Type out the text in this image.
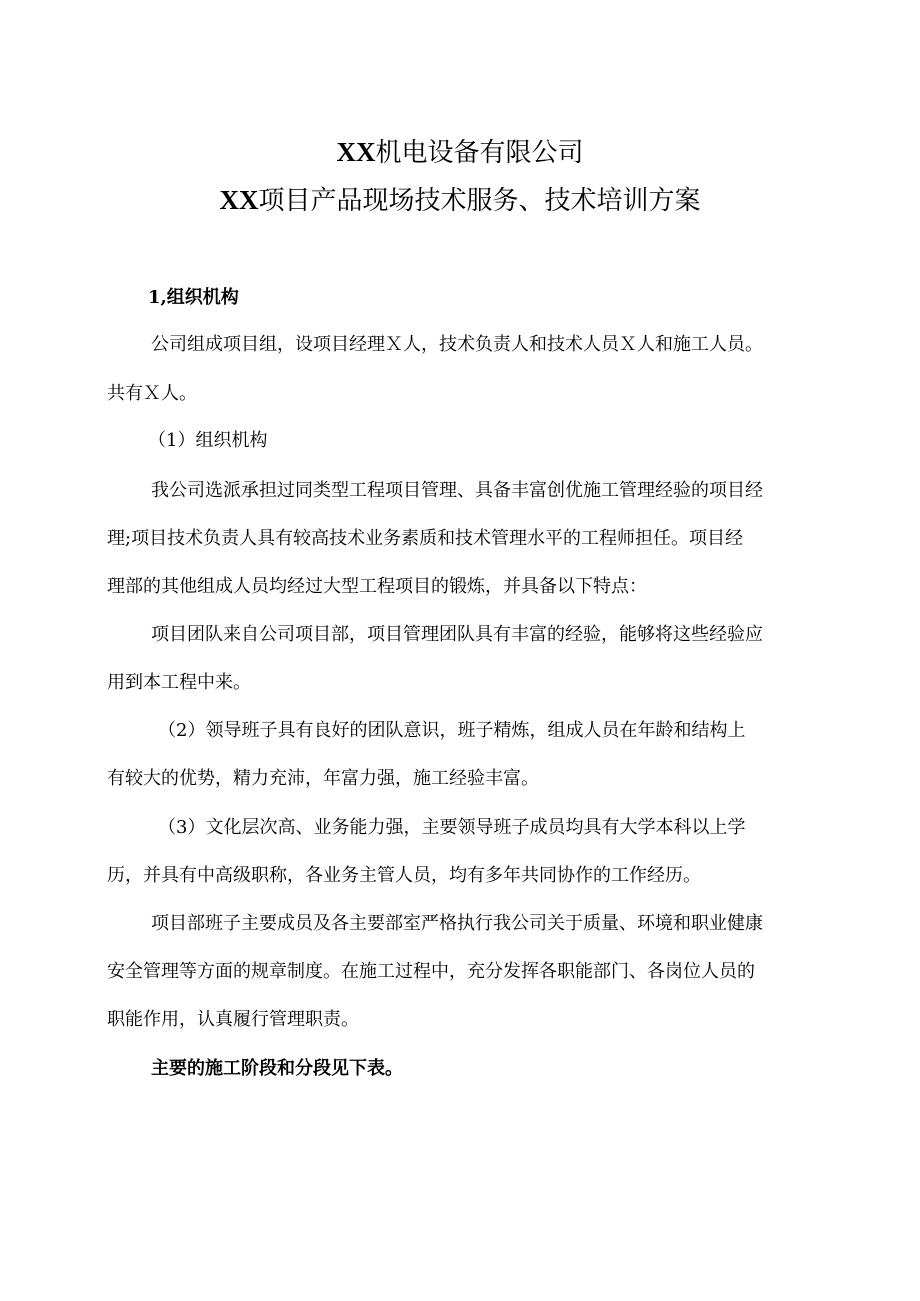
XX机电设备有限公司
XX项目产品现场技术服务、技术培训方案
1,组织机构
公司组成项目组，设项目经理Ｘ人，技术负责人和技术人员Ｘ人和施工人员。
共有Ｘ人。
（1）组织机构
我公司选派承担过同类型工程项目管理、具备丰富创优施工管理经验的项目经
理;项目技术负责人具有较高技术业务素质和技术管理水平的工程师担任。项目经
理部的其他组成人员均经过大型工程项目的锻炼，并具备以下特点：
项目团队来自公司项目部，项目管理团队具有丰富的经验，能够将这些经验应
用到本工程中来。
（2）领导班子具有良好的团队意识，班子精炼，组成人员在年龄和结构上
有较大的优势，精力充沛，年富力强，施工经验丰富。
（3）文化层次高、业务能力强，主要领导班子成员均具有大学本科以上学
历，并具有中高级职称，各业务主管人员，均有多年共同协作的工作经历。
项目部班子主要成员及各主要部室严格执行我公司关于质量、环境和职业健康
安全管理等方面的规章制度。在施工过程中，充分发挥各职能部门、各岗位人员的
职能作用，认真履行管理职责。
主要的施工阶段和分段见下表。
